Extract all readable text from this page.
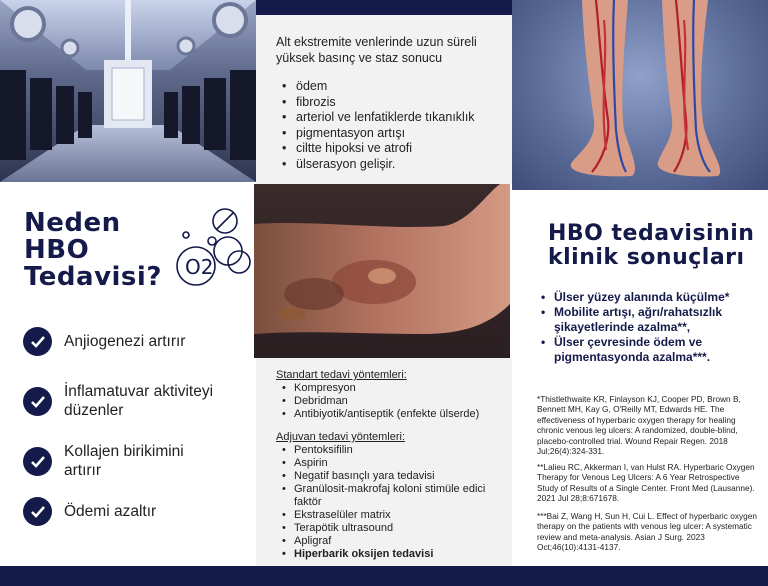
Alt ekstremite venlerinde uzun süreli yüksek basınç ve staz sonucu

• ödem
• fibrozis
• arteriol ve lenfatiklerde tıkanıklık
• pigmentasyon artışı
• ciltte hipoksi ve atrofi
• ülserasyon gelişir.
Neden
HBO
Tedavisi? O2
Anjiogenezi artırır
İnflamatuvar aktiviteyi düzenler
Kollajen birikimini artırır
Ödemi azaltır
Standart tedavi yöntemleri:
• Kompresyon
• Debridman
• Antibiyotik/antiseptik (enfekte ülserde)
Adjuvan tedavi yöntemleri:
• Pentoksifilin
• Aspirin
• Negatif basınçlı yara tedavisi
• Granülosit-makrofaj koloni stimüle edici faktör
• Ekstraselüler matrix
• Terapötik ultrasound
• Apligraf
• Hiperbarik oksijen tedavisi
HBO tedavisinin
klinik sonuçları
• Ülser yüzey alanında küçülme*
• Mobilite artışı, ağrı/rahatsızlık şikayetlerinde azalma**,
• Ülser çevresinde ödem ve pigmentasyonda azalma***.

*Thistlethwaite KR, Finlayson KJ, Cooper PD, Brown B, Bennett MH, Kay G, O'Reilly MT, Edwards HE. The effectiveness of hyperbaric oxygen therapy for healing chronic venous leg ulcers: A randomized, double-blind, placebo-controlled trial. Wound Repair Regen. 2018 Jul;26(4):324-331.

**Lalieu RC, Akkerman I, van Hulst RA. Hyperbaric Oxygen Therapy for Venous Leg Ulcers: A 6 Year Retrospective Study of Results of a Single Center. Front Med (Lausanne). 2021 Jul 28;8:671678.

***Bai Z, Wang H, Sun H, Cui L. Effect of hyperbaric oxygen therapy on the patients with venous leg ulcer: A systematic review and meta-analysis. Asian J Surg. 2023 Oct;46(10):4131-4137.
